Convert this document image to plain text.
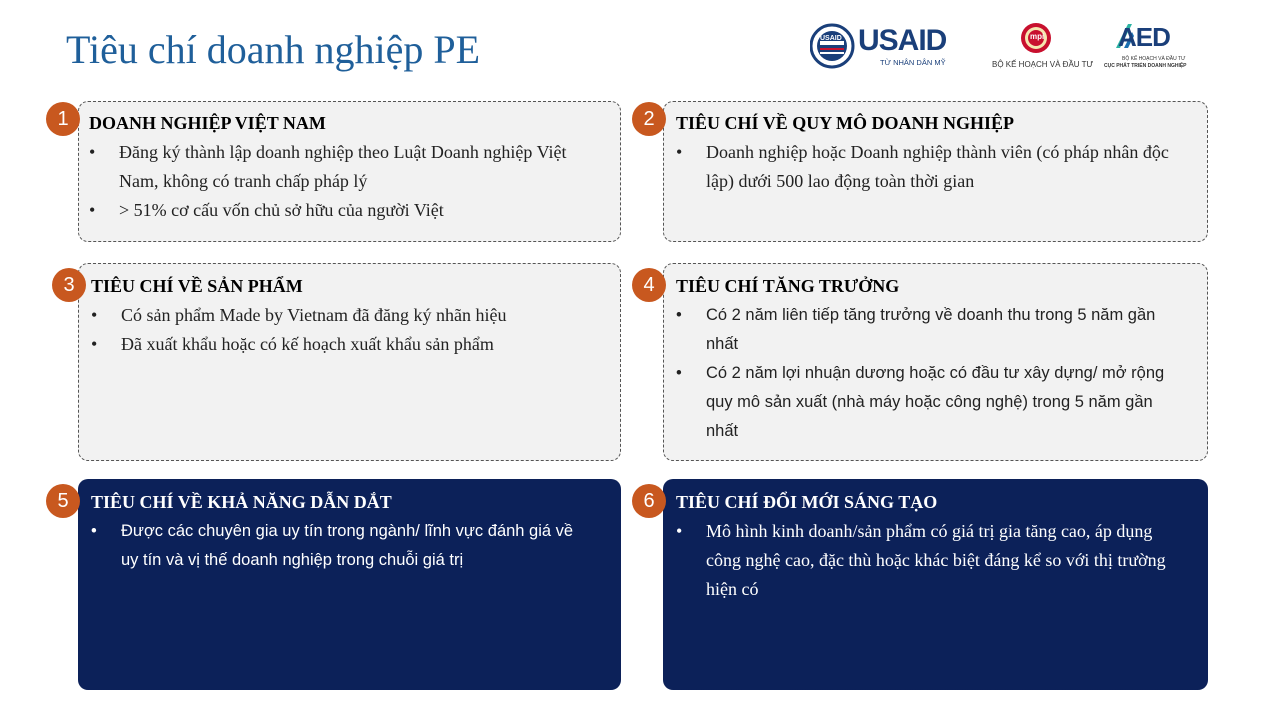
Tiêu chí doanh nghiệp PE	USAID USAID
TỪ NHÂN DÂN MỸ
mpi
BỘ KẾ HOẠCH VÀ ĐẦU TƯ
AED
BỘ KẾ HOẠCH VÀ ĐẦU TƯ
CỤC PHÁT TRIỂN DOANH NGHIỆP
DOANH NGHIỆP VIỆT NAM
• Đăng ký thành lập doanh nghiệp theo Luật Doanh nghiệp Việt Nam, không có tranh chấp pháp lý
• > 51% cơ cấu vốn chủ sở hữu của người Việt
1	TIÊU CHÍ VỀ QUY MÔ DOANH NGHIỆP
• Doanh nghiệp hoặc Doanh nghiệp thành viên (có pháp nhân độc lập) dưới 500 lao động toàn thời gian
2
TIÊU CHÍ VỀ SẢN PHẨM
• Có sản phẩm Made by Vietnam đã đăng ký nhãn hiệu
• Đã xuất khẩu hoặc có kế hoạch xuất khẩu sản phẩm
3	TIÊU CHÍ TĂNG TRƯỞNG
• Có 2 năm liên tiếp tăng trưởng về doanh thu trong 5 năm gần nhất
• Có 2 năm lợi nhuận dương hoặc có đầu tư xây dựng/ mở rộng quy mô sản xuất (nhà máy hoặc công nghệ) trong 5 năm gần nhất
4
TIÊU CHÍ VỀ KHẢ NĂNG DẪN DẮT
• Được các chuyên gia uy tín trong ngành/ lĩnh vực đánh giá về uy tín và vị thế doanh nghiệp trong chuỗi giá trị
5	TIÊU CHÍ ĐỔI MỚI SÁNG TẠO
• Mô hình kinh doanh/sản phẩm có giá trị gia tăng cao, áp dụng công nghệ cao, đặc thù hoặc khác biệt đáng kể so với thị trường hiện có
6
